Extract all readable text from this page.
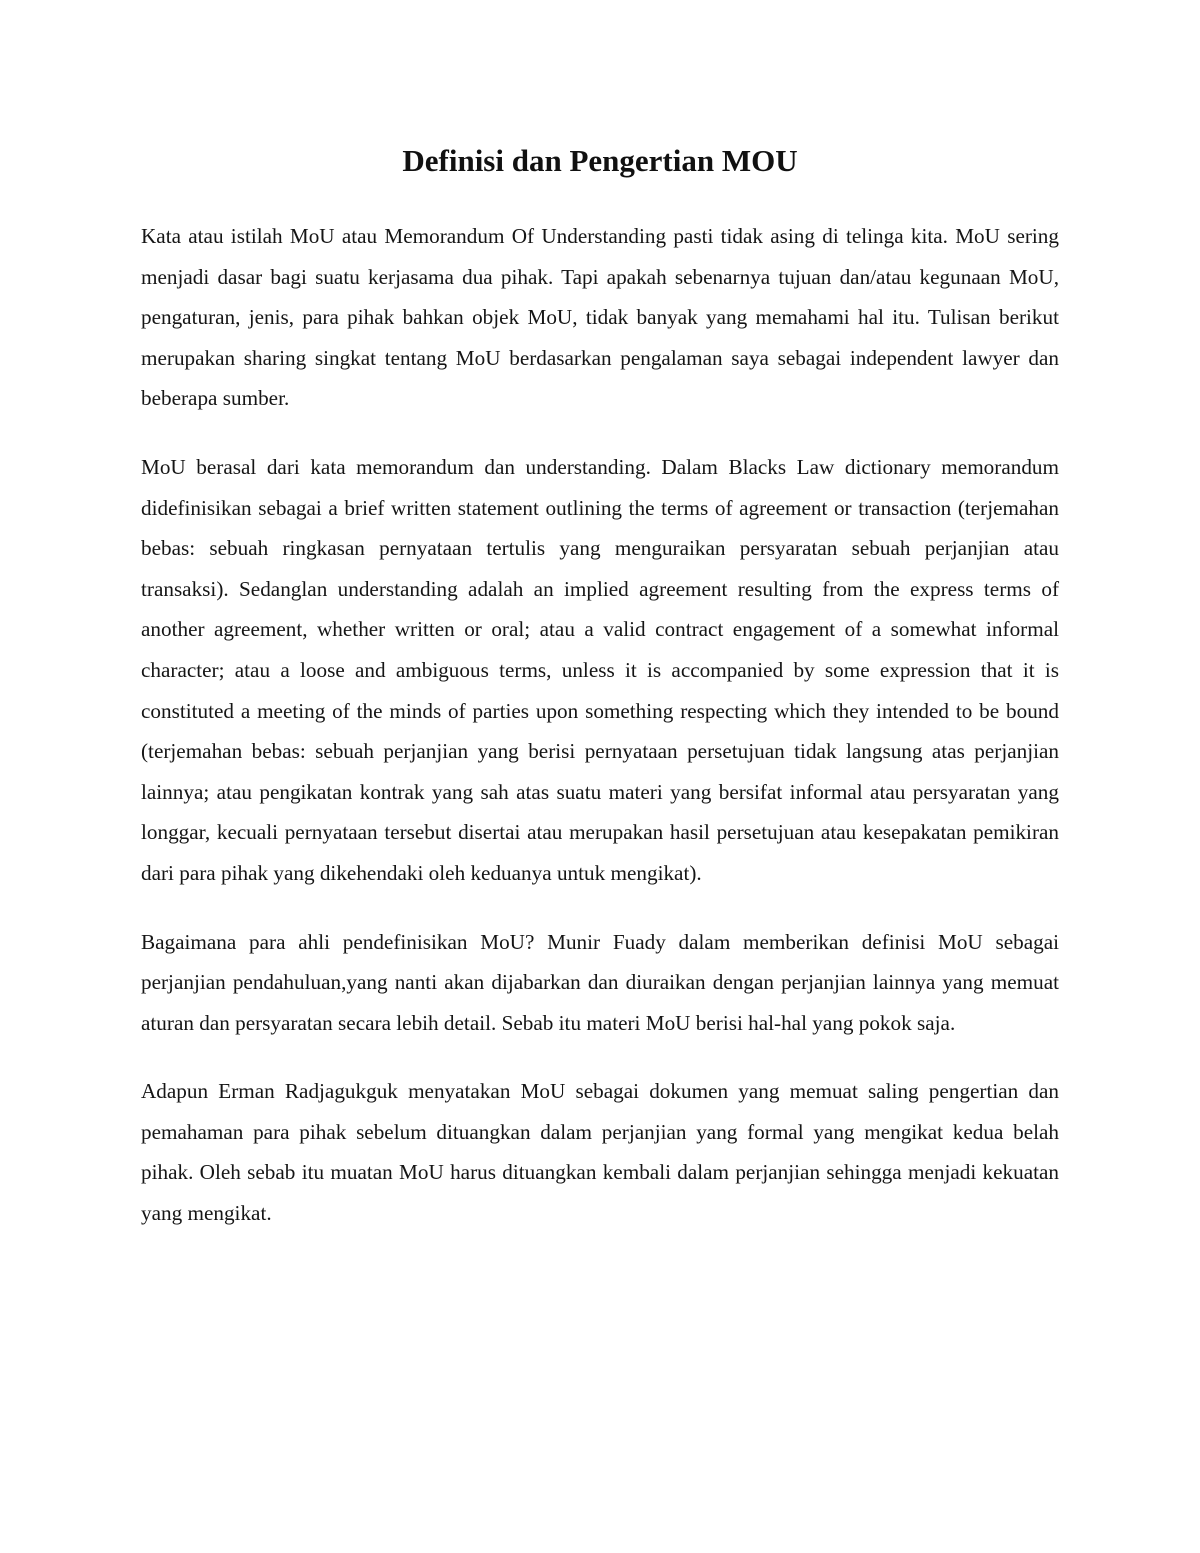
Definisi dan Pengertian MOU

Kata atau istilah MoU atau Memorandum Of Understanding pasti tidak asing di telinga kita. MoU sering menjadi dasar bagi suatu kerjasama dua pihak. Tapi apakah sebenarnya tujuan dan/atau kegunaan MoU, pengaturan, jenis, para pihak bahkan objek MoU, tidak banyak yang memahami hal itu. Tulisan berikut merupakan sharing singkat tentang MoU berdasarkan pengalaman saya sebagai independent lawyer dan beberapa sumber.

MoU berasal dari kata memorandum dan understanding. Dalam Blacks Law dictionary memorandum didefinisikan sebagai a brief written statement outlining the terms of agreement or transaction (terjemahan bebas: sebuah ringkasan pernyataan tertulis yang menguraikan persyaratan sebuah perjanjian atau transaksi). Sedanglan understanding adalah an implied agreement resulting from the express terms of another agreement, whether written or oral; atau a valid contract engagement of a somewhat informal character; atau a loose and ambiguous terms, unless it is accompanied by some expression that it is constituted a meeting of the minds of parties upon something respecting which they intended to be bound (terjemahan bebas: sebuah perjanjian yang berisi pernyataan persetujuan tidak langsung atas perjanjian lainnya; atau pengikatan kontrak yang sah atas suatu materi yang bersifat informal atau persyaratan yang longgar, kecuali pernyataan tersebut disertai atau merupakan hasil persetujuan atau kesepakatan pemikiran dari para pihak yang dikehendaki oleh keduanya untuk mengikat).

Bagaimana para ahli pendefinisikan MoU? Munir Fuady dalam memberikan definisi MoU sebagai perjanjian pendahuluan,yang nanti akan dijabarkan dan diuraikan dengan perjanjian lainnya yang memuat aturan dan persyaratan secara lebih detail. Sebab itu materi MoU berisi hal-hal yang pokok saja.

Adapun Erman Radjagukguk menyatakan MoU sebagai dokumen yang memuat saling pengertian dan pemahaman para pihak sebelum dituangkan dalam perjanjian yang formal yang mengikat kedua belah pihak. Oleh sebab itu muatan MoU harus dituangkan kembali dalam perjanjian sehingga menjadi kekuatan yang mengikat.
